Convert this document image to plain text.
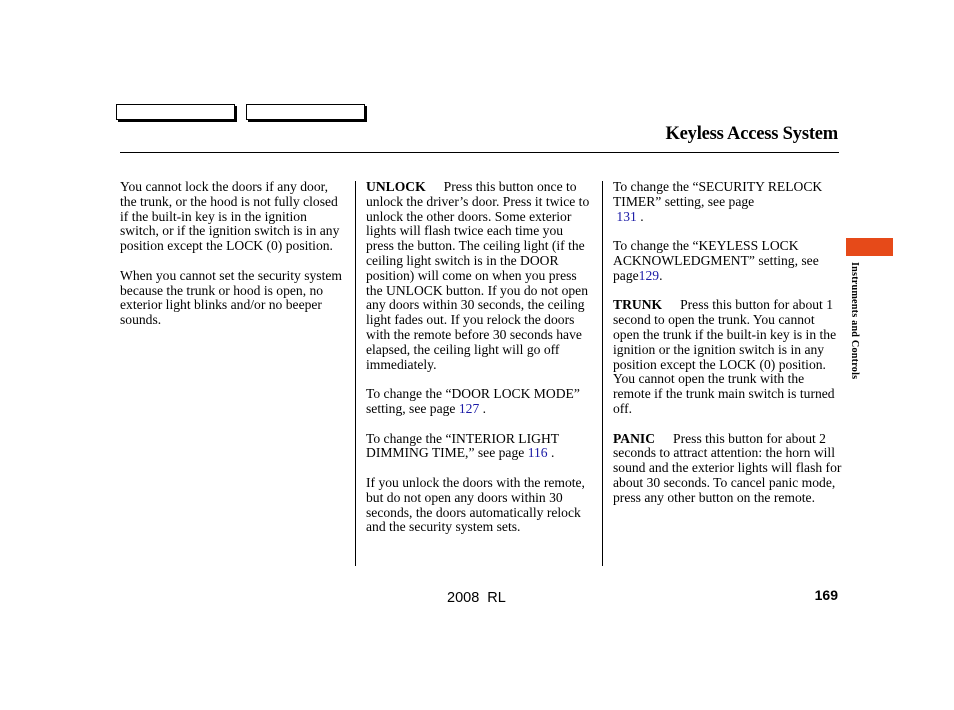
Keyless Access System

You cannot lock the doors if any door, the trunk, or the hood is not fully closed if the built-in key is in the ignition switch, or if the ignition switch is in any position except the LOCK (0) position.

When you cannot set the security system because the trunk or hood is open, no exterior light blinks and/or no beeper sounds.

UNLOCK Press this button once to unlock the driver’s door. Press it twice to unlock the other doors. Some exterior lights will flash twice each time you press the button. The ceiling light (if the ceiling light switch is in the DOOR position) will come on when you press the UNLOCK button. If you do not open any doors within 30 seconds, the ceiling light fades out. If you relock the doors with the remote before 30 seconds have elapsed, the ceiling light will go off immediately.

To change the “DOOR LOCK MODE” setting, see page 127 .

To change the “INTERIOR LIGHT DIMMING TIME,” see page 116 .

If you unlock the doors with the remote, but do not open any doors within 30 seconds, the doors automatically relock and the security system sets.

To change the “SECURITY RELOCK TIMER” setting, see page
131 .

To change the “KEYLESS LOCK ACKNOWLEDGMENT” setting, see page129.

TRUNK Press this button for about 1 second to open the trunk. You cannot open the trunk if the built-in key is in the ignition or the ignition switch is in any position except the LOCK (0) position. You cannot open the trunk with the remote if the trunk main switch is turned off.

PANIC Press this button for about 2 seconds to attract attention: the horn will sound and the exterior lights will flash for about 30 seconds. To cancel panic mode, press any other button on the remote.

Instruments and Controls
2008 RL	169
